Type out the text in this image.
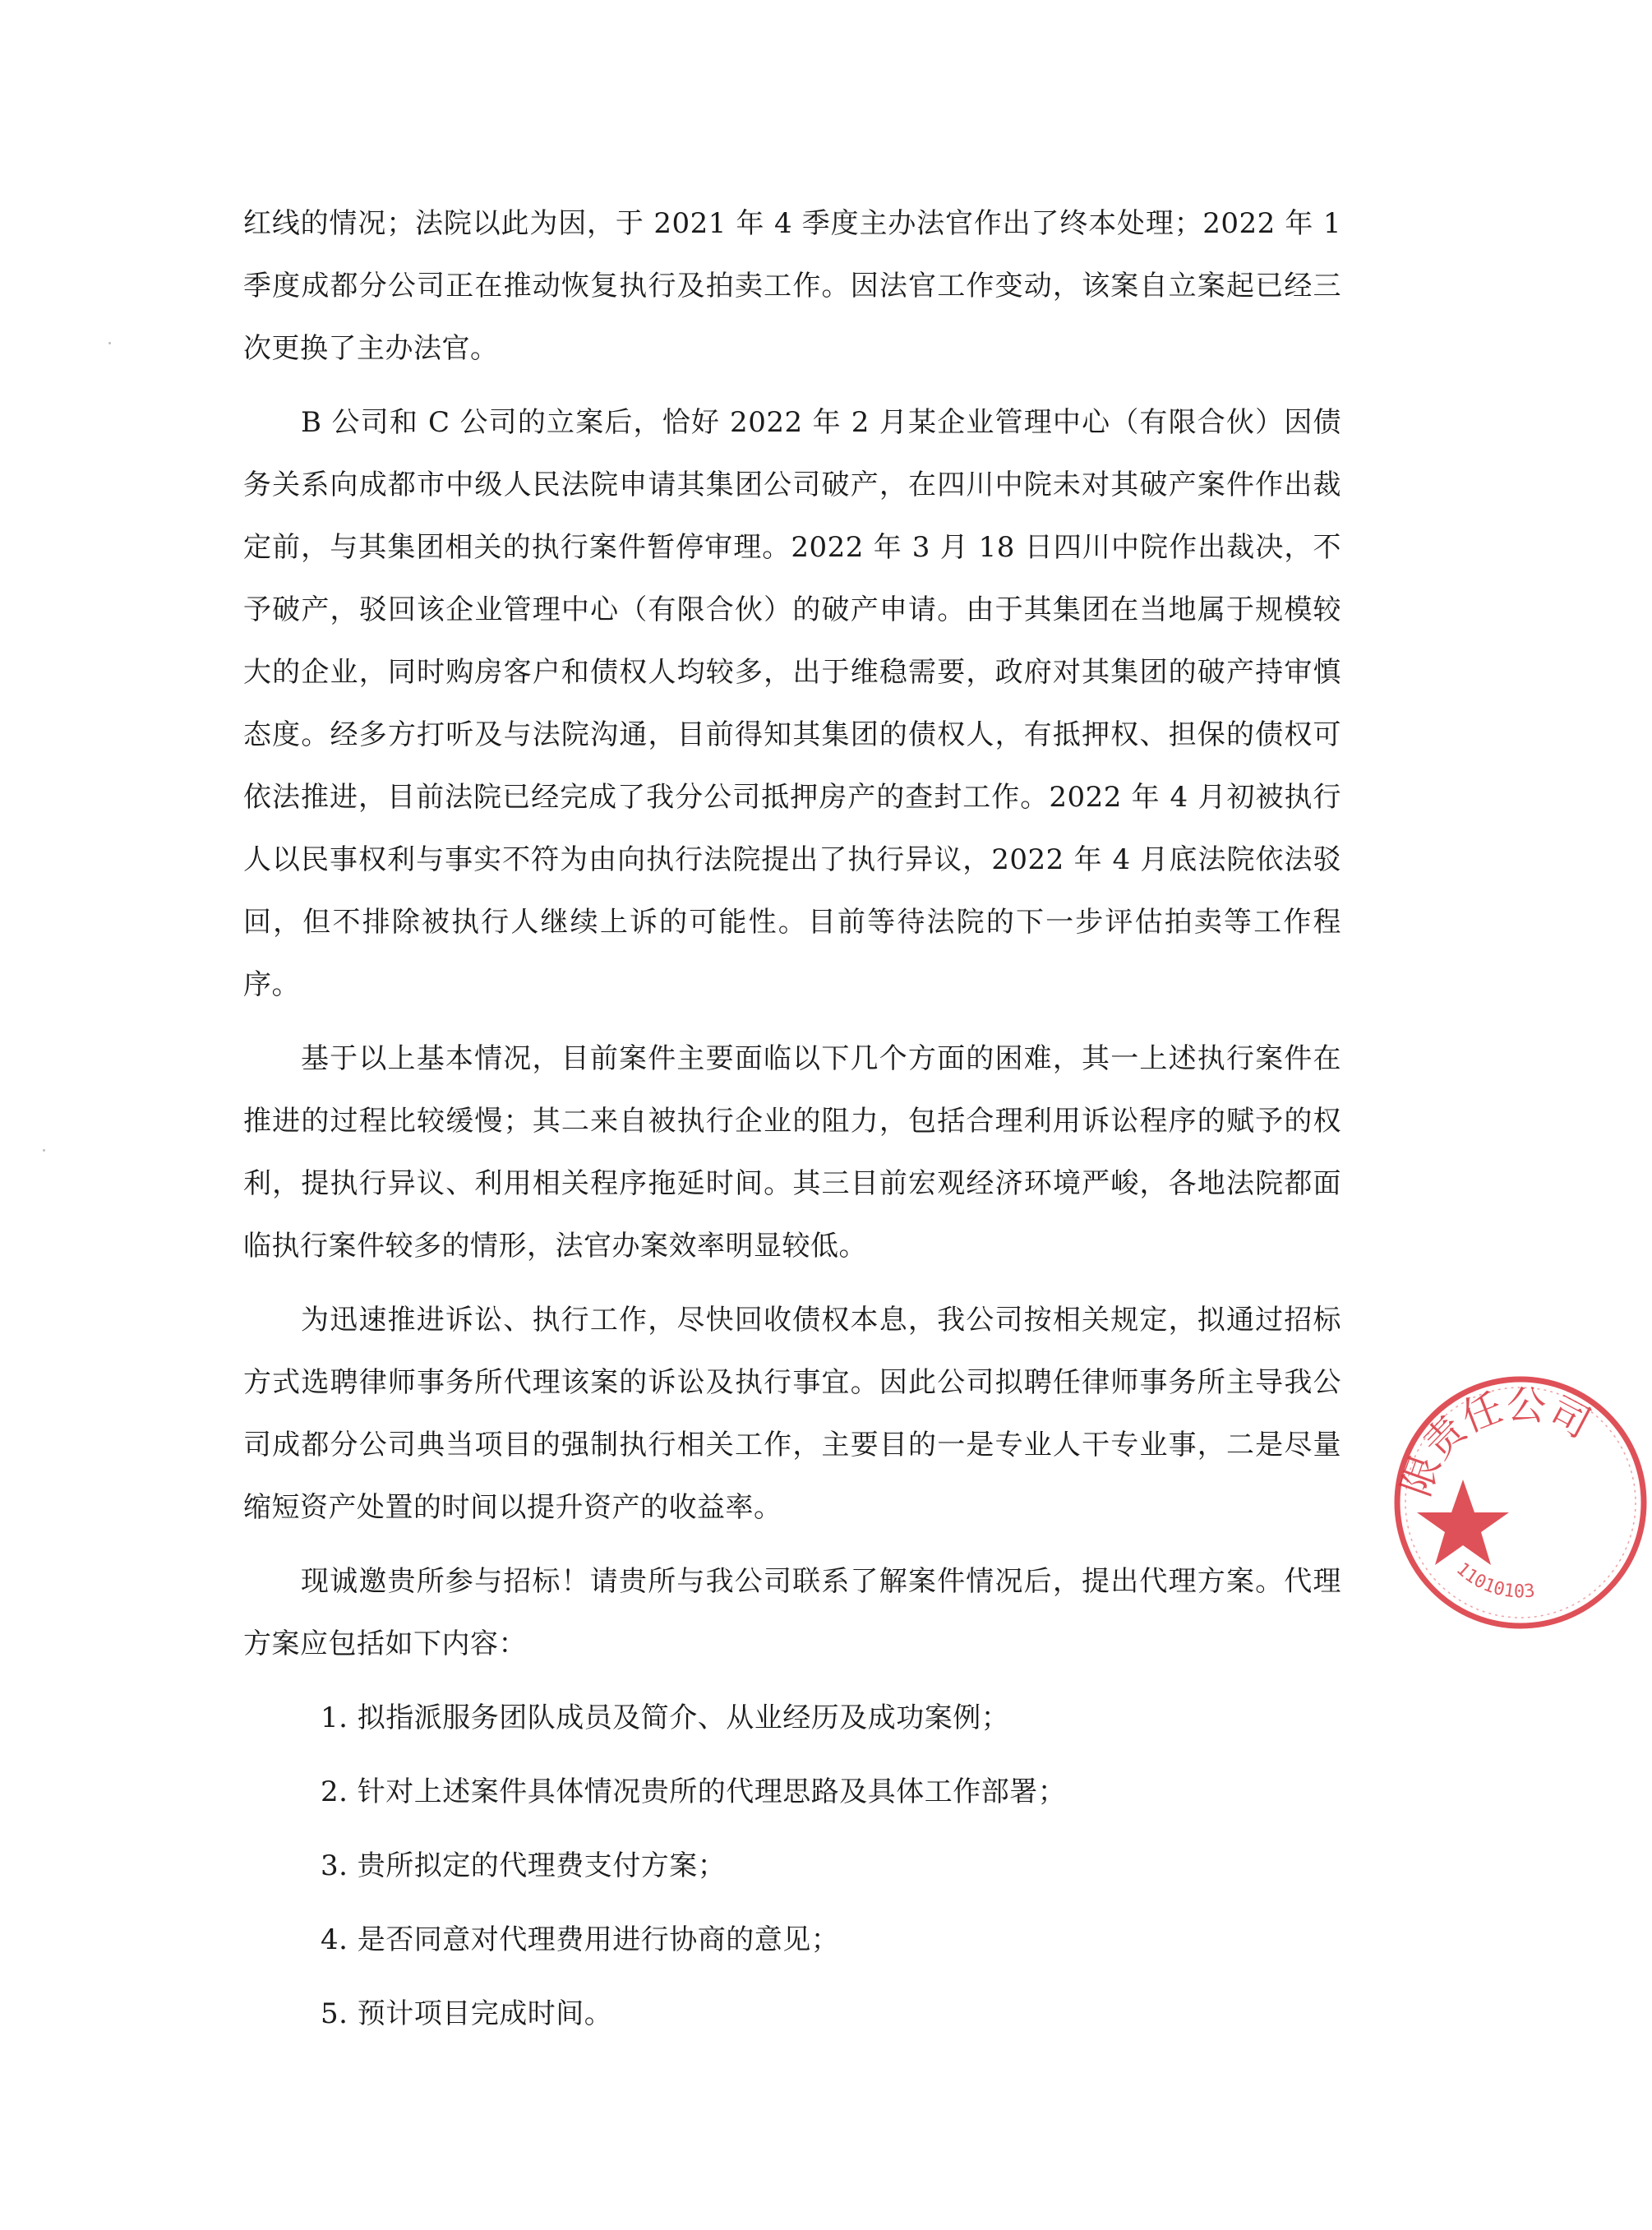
红线的情况；法院以此为因，于 2021 年 4 季度主办法官作出了终本处理；2022 年 1 季度成都分公司正在推动恢复执行及拍卖工作。因法官工作变动，该案自立案起已经三次更换了主办法官。

B 公司和 C 公司的立案后，恰好 2022 年 2 月某企业管理中心（有限合伙）因债务关系向成都市中级人民法院申请其集团公司破产，在四川中院未对其破产案件作出裁定前，与其集团相关的执行案件暂停审理。2022 年 3 月 18 日四川中院作出裁决，不予破产，驳回该企业管理中心（有限合伙）的破产申请。由于其集团在当地属于规模较大的企业，同时购房客户和债权人均较多，出于维稳需要，政府对其集团的破产持审慎态度。经多方打听及与法院沟通，目前得知其集团的债权人，有抵押权、担保的债权可依法推进，目前法院已经完成了我分公司抵押房产的查封工作。2022 年 4 月初被执行人以民事权利与事实不符为由向执行法院提出了执行异议，2022 年 4 月底法院依法驳回，但不排除被执行人继续上诉的可能性。目前等待法院的下一步评估拍卖等工作程序。

基于以上基本情况，目前案件主要面临以下几个方面的困难，其一上述执行案件在推进的过程比较缓慢；其二来自被执行企业的阻力，包括合理利用诉讼程序的赋予的权利，提执行异议、利用相关程序拖延时间。其三目前宏观经济环境严峻，各地法院都面临执行案件较多的情形，法官办案效率明显较低。

为迅速推进诉讼、执行工作，尽快回收债权本息，我公司按相关规定，拟通过招标方式选聘律师事务所代理该案的诉讼及执行事宜。因此公司拟聘任律师事务所主导我公司成都分公司典当项目的强制执行相关工作，主要目的一是专业人干专业事，二是尽量缩短资产处置的时间以提升资产的收益率。

现诚邀贵所参与招标！请贵所与我公司联系了解案件情况后，提出代理方案。代理方案应包括如下内容：

1. 拟指派服务团队成员及简介、从业经历及成功案例；
2. 针对上述案件具体情况贵所的代理思路及具体工作部署；
3. 贵所拟定的代理费支付方案；
4. 是否同意对代理费用进行协商的意见；
5. 预计项目完成时间。
限责任公司
11010103
